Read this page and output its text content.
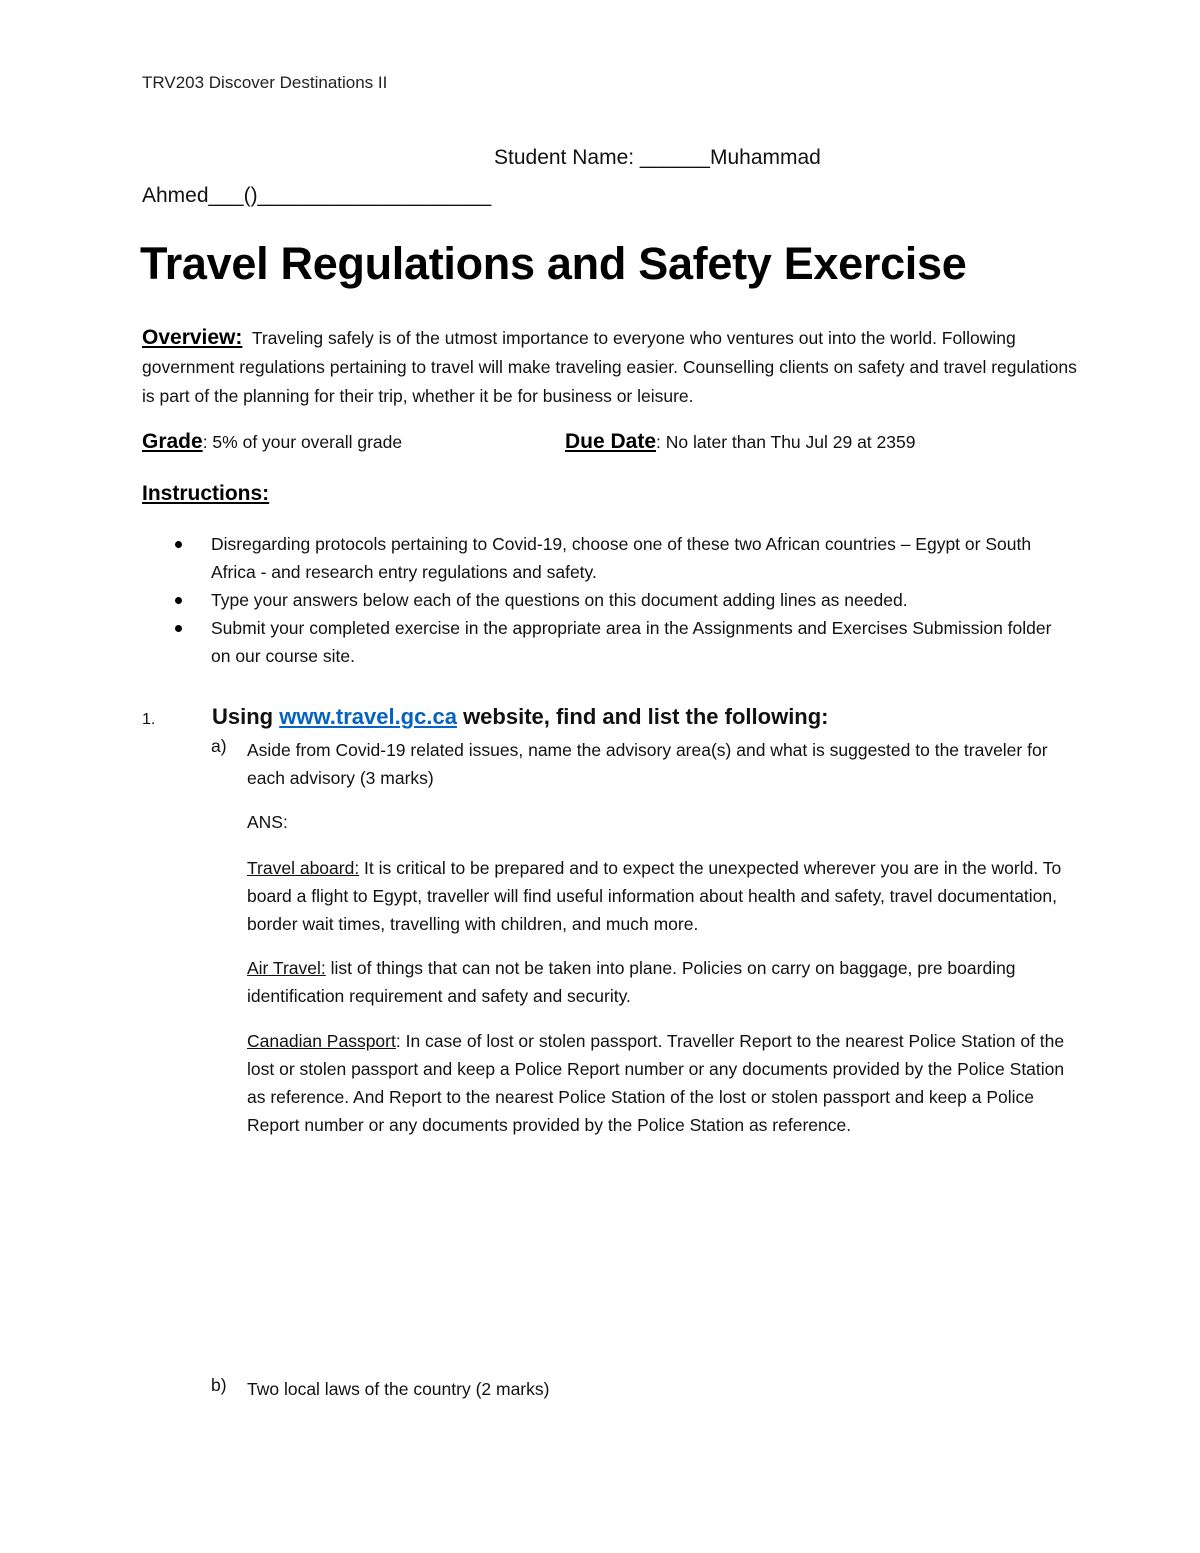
TRV203 Discover Destinations II
Student Name: ______Muhammad
Ahmed___()____________________
Travel Regulations and Safety Exercise

Overview: Traveling safely is of the utmost importance to everyone who ventures out into the world. Following government regulations pertaining to travel will make traveling easier. Counselling clients on safety and travel regulations is part of the planning for their trip, whether it be for business or leisure.

Grade: 5% of your overall grade	Due Date: No later than Thu Jul 29 at 2359
Instructions:
Disregarding protocols pertaining to Covid-19, choose one of these two African countries – Egypt or South Africa - and research entry regulations and safety.
Type your answers below each of the questions on this document adding lines as needed.
Submit your completed exercise in the appropriate area in the Assignments and Exercises Submission folder on our course site.
1.	Using www.travel.gc.ca website, find and list the following:
a) Aside from Covid-19 related issues, name the advisory area(s) and what is suggested to the traveler for each advisory (3 marks)

ANS:

Travel aboard: It is critical to be prepared and to expect the unexpected wherever you are in the world. To board a flight to Egypt, traveller will find useful information about health and safety, travel documentation, border wait times, travelling with children, and much more.

Air Travel: list of things that can not be taken into plane. Policies on carry on baggage, pre boarding identification requirement and safety and security.

Canadian Passport: In case of lost or stolen passport. Traveller Report to the nearest Police Station of the lost or stolen passport and keep a Police Report number or any documents provided by the Police Station as reference. And Report to the nearest Police Station of the lost or stolen passport and keep a Police Report number or any documents provided by the Police Station as reference.

b) Two local laws of the country (2 marks)
